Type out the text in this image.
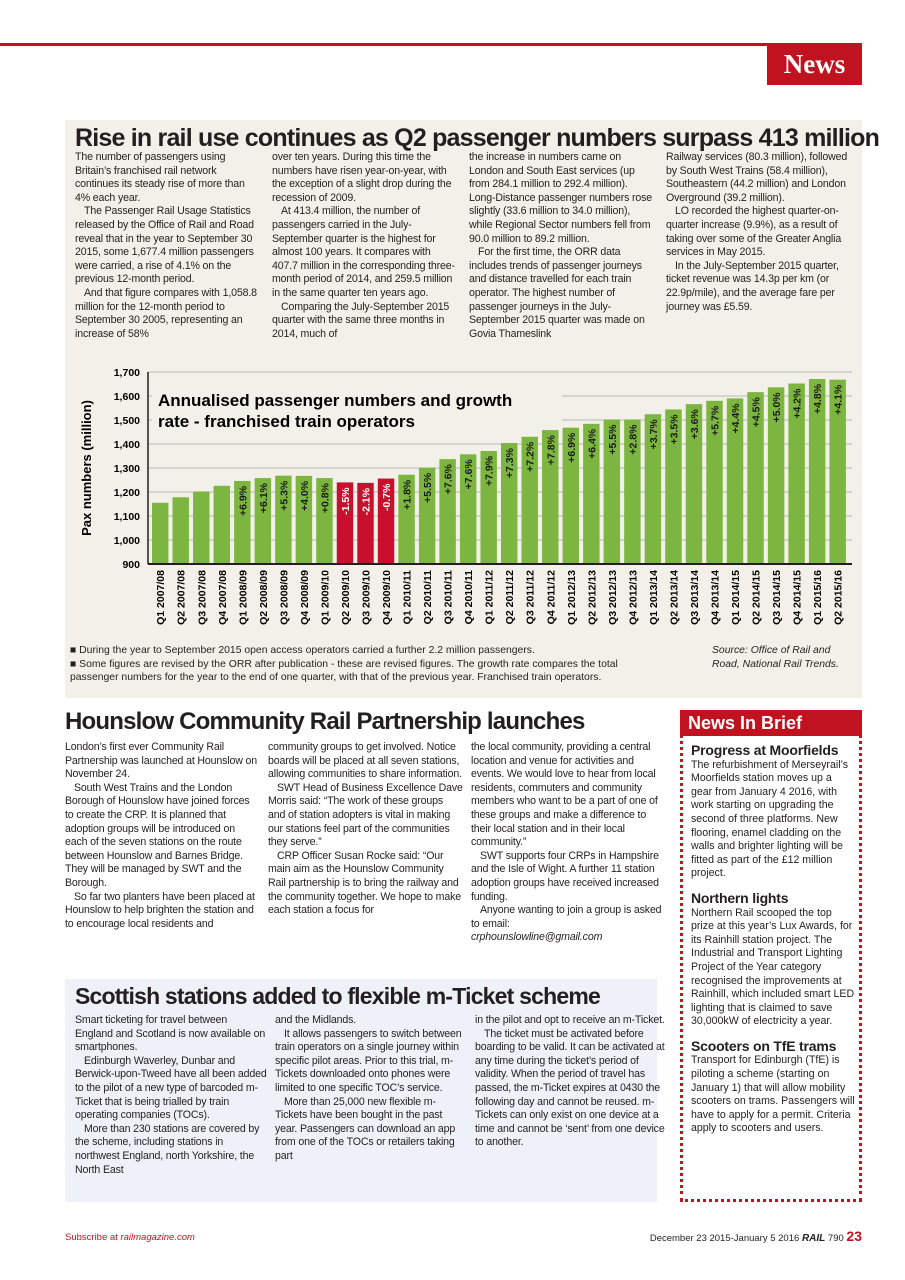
News
Rise in rail use continues as Q2 passenger numbers surpass 413 million

The number of passengers using Britain’s franchised rail network continues its steady rise of more than 4% each year.

The Passenger Rail Usage Statistics released by the Office of Rail and Road reveal that in the year to September 30 2015, some 1,677.4 million passengers were carried, a rise of 4.1% on the previous 12-month period.

And that figure compares with 1,058.8 million for the 12-month period to September 30 2005, representing an increase of 58%

over ten years. During this time the numbers have risen year-on-year, with the exception of a slight drop during the recession of 2009.

At 413.4 million, the number of passengers carried in the July-September quarter is the highest for almost 100 years. It compares with 407.7 million in the corresponding three-month period of 2014, and 259.5 million in the same quarter ten years ago.

Comparing the July-September 2015 quarter with the same three months in 2014, much of

the increase in numbers came on London and South East services (up from 284.1 million to 292.4 million). Long-Distance passenger numbers rose slightly (33.6 million to 34.0 million), while Regional Sector numbers fell from 90.0 million to 89.2 million.

For the first time, the ORR data includes trends of passenger journeys and distance travelled for each train operator. The highest number of passenger journeys in the July-September 2015 quarter was made on Govia Thameslink

Railway services (80.3 million), followed by South West Trains (58.4 million), Southeastern (44.2 million) and London Overground (39.2 million).

LO recorded the highest quarter-on-quarter increase (9.9%), as a result of taking over some of the Greater Anglia services in May 2015.

In the July-September 2015 quarter, ticket revenue was 14.3p per km (or 22.9p/mile), and the average fare per journey was £5.59.

900
1,000
1,100
1,200
1,300
1,400
1,500
1,600
1,700
Pax numbers (million)
Q1 2007/08 Q2 2007/08 Q3 2007/08 Q4 2007/08
+6.9%
Q1 2008/09
+6.1%
Q2 2008/09
+5.3%
Q3 2008/09
+4.0%
Q4 2008/09
+0.8%
Q1 2009/10
-1.5%
Q2 2009/10
-2.1%
Q3 2009/10
-0.7%
Q4 2009/10
+1.8%
Q1 2010/11
+5.5%
Q2 2010/11
+7.6%
Q3 2010/11
+7.6%
Q4 2010/11
+7.9%
Q1 2011/12
+7.3%
Q2 2011/12
+7.2%
Q3 2011/12
+7.8%
Q4 2011/12
+6.9%
Q1 2012/13
+6.4%
Q2 2012/13
+5.5%
Q3 2012/13
+2.8%
Q4 2012/13
+3.7%
Q1 2013/14
+3.5%
Q2 2013/14
+3.6%
Q3 2013/14
+5.7%
Q4 2013/14
+4.4%
Q1 2014/15
+4.5%
Q2 2014/15
+5.0%
Q3 2014/15
+4.2%
Q4 2014/15
+4.8%
Q1 2015/16
+4.1%
Q2 2015/16
Annualised passenger numbers and growth
rate - franchised train operators
■ During the year to September 2015 open access operators carried a further 2.2 million passengers.
■ Some figures are revised by the ORR after publication - these are revised figures. The growth rate compares the total passenger numbers for the year to the end of one quarter, with that of the previous year. Franchised train operators.
Source: Office of Rail and Road, National Rail Trends.
Hounslow Community Rail Partnership launches

London’s first ever Community Rail Partnership was launched at Hounslow on November 24.

South West Trains and the London Borough of Hounslow have joined forces to create the CRP. It is planned that adoption groups will be introduced on each of the seven stations on the route between Hounslow and Barnes Bridge. They will be managed by SWT and the Borough.

So far two planters have been placed at Hounslow to help brighten the station and to encourage local residents and

community groups to get involved. Notice boards will be placed at all seven stations, allowing communities to share information.

SWT Head of Business Excellence Dave Morris said: “The work of these groups and of station adopters is vital in making our stations feel part of the communities they serve.”

CRP Officer Susan Rocke said: “Our main aim as the Hounslow Community Rail partnership is to bring the railway and the community together. We hope to make each station a focus for

the local community, providing a central location and venue for activities and events. We would love to hear from local residents, commuters and community members who want to be a part of one of these groups and make a difference to their local station and in their local community.”

SWT supports four CRPs in Hampshire and the Isle of Wight. A further 11 station adoption groups have received increased funding.

Anyone wanting to join a group is asked to email:

crphounslowline@gmail.com
News In Brief
Progress at Moorfields

The refurbishment of Merseyrail’s Moorfields station moves up a gear from January 4 2016, with work starting on upgrading the second of three platforms. New flooring, enamel cladding on the walls and brighter lighting will be fitted as part of the £12 million project.

Northern lights

Northern Rail scooped the top prize at this year’s Lux Awards, for its Rainhill station project. The Industrial and Transport Lighting Project of the Year category recognised the improvements at Rainhill, which included smart LED lighting that is claimed to save 30,000kW of electricity a year.

Scooters on TfE trams

Transport for Edinburgh (TfE) is piloting a scheme (starting on January 1) that will allow mobility scooters on trams. Passengers will have to apply for a permit. Criteria apply to scooters and users.

Scottish stations added to flexible m-Ticket scheme

Smart ticketing for travel between England and Scotland is now available on smartphones.

Edinburgh Waverley, Dunbar and Berwick-upon-Tweed have all been added to the pilot of a new type of barcoded m-Ticket that is being trialled by train operating companies (TOCs).

More than 230 stations are covered by the scheme, including stations in northwest England, north Yorkshire, the North East

and the Midlands.

It allows passengers to switch between train operators on a single journey within specific pilot areas. Prior to this trial, m-Tickets downloaded onto phones were limited to one specific TOC’s service.

More than 25,000 new flexible m-Tickets have been bought in the past year. Passengers can download an app from one of the TOCs or retailers taking part

in the pilot and opt to receive an m-Ticket.

The ticket must be activated before boarding to be valid. It can be activated at any time during the ticket’s period of validity. When the period of travel has passed, the m-Ticket expires at 0430 the following day and cannot be reused. m-Tickets can only exist on one device at a time and cannot be ‘sent’ from one device to another.

Subscribe at railmagazine.com	December 23 2015-January 5 2016 RAIL 790 23
